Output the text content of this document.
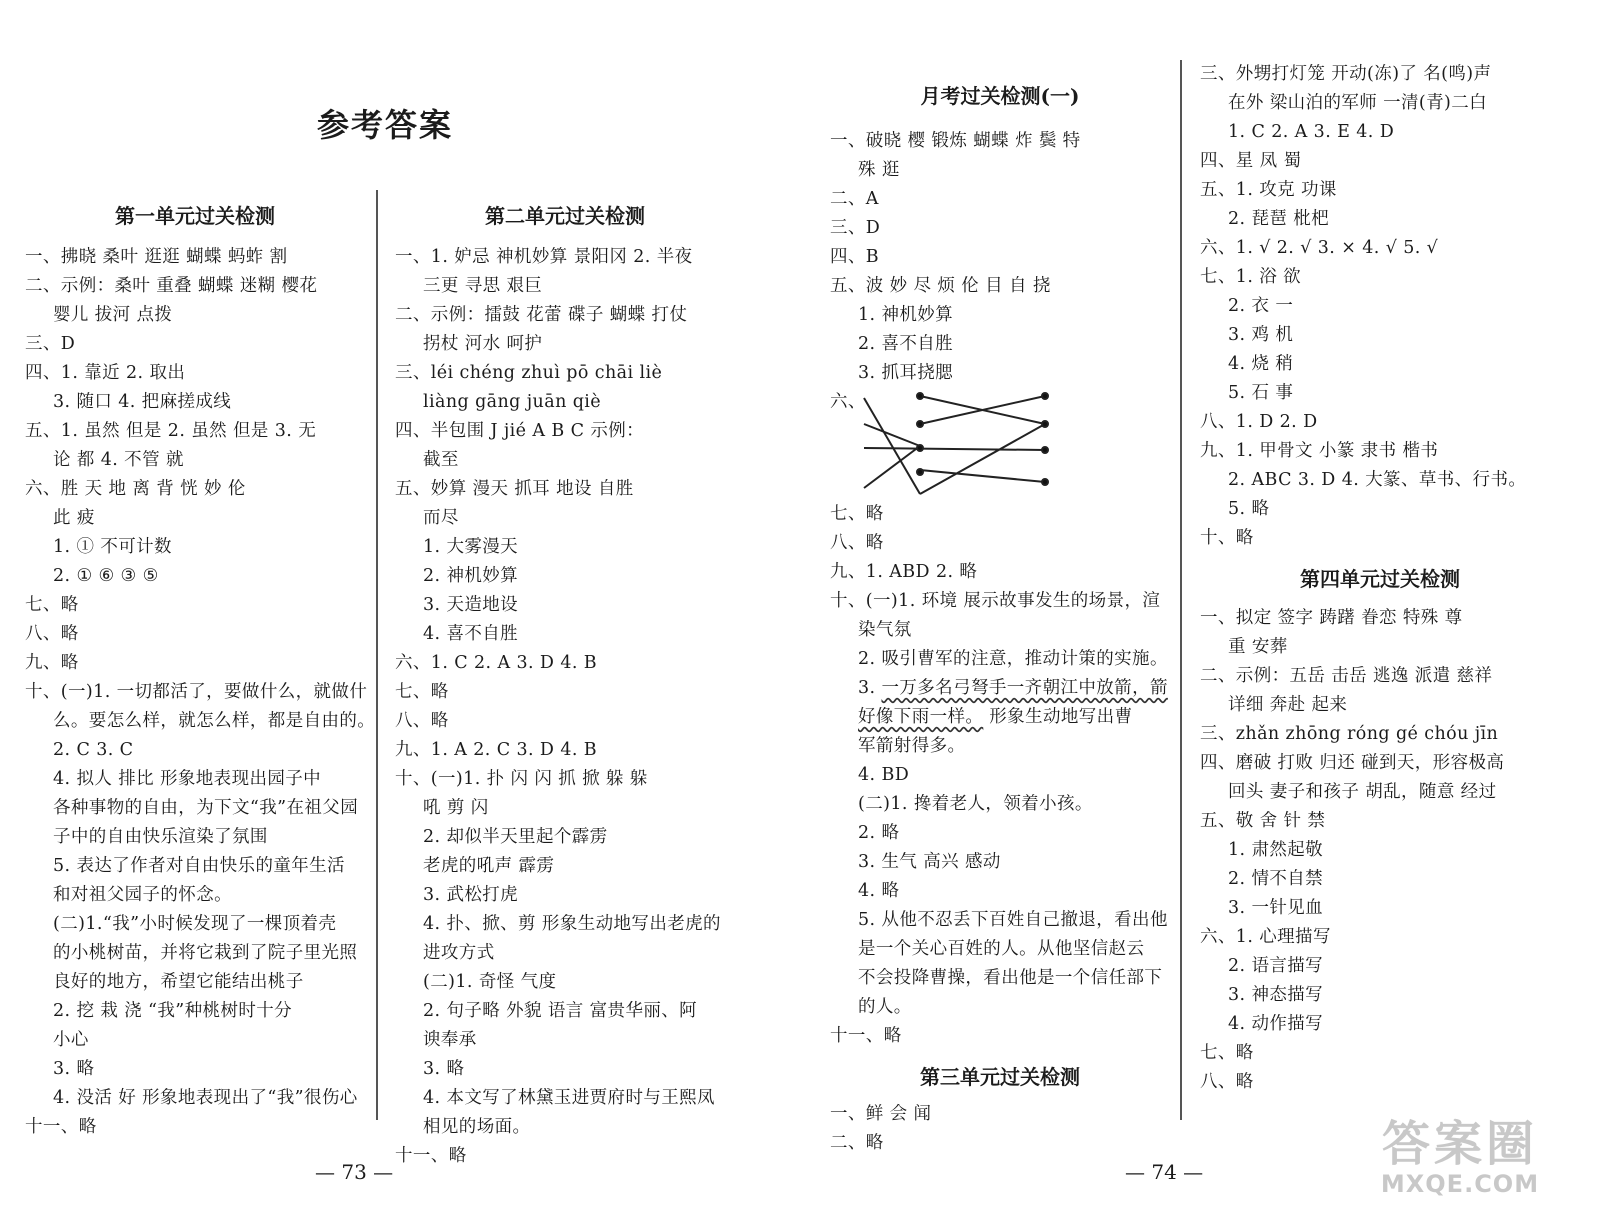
参考答案
第一单元过关检测
一、拂晓 桑叶 逛逛 蝴蝶 蚂蚱 割
二、示例：桑叶 重叠 蝴蝶 迷糊 樱花
婴儿 拔河 点拨
三、D
四、1. 靠近 2. 取出
3. 随口 4. 把麻搓成线
五、1. 虽然 但是 2. 虽然 但是 3. 无
论 都 4. 不管 就
六、胜 天 地 离 背 恍 妙 伦
此 疲
1. ① 不可计数
2. ① ⑥ ③ ⑤
七、略
八、略
九、略
十、(一)1. 一切都活了，要做什么，就做什
么。要怎么样，就怎么样，都是自由的。
2. C 3. C
4. 拟人 排比 形象地表现出园子中
各种事物的自由，为下文“我”在祖父园
子中的自由快乐渲染了氛围
5. 表达了作者对自由快乐的童年生活
和对祖父园子的怀念。
(二)1.“我”小时候发现了一棵顶着壳
的小桃树苗，并将它栽到了院子里光照
良好的地方，希望它能结出桃子
2. 挖 栽 浇 “我”种桃树时十分
小心
3. 略
4. 没活 好 形象地表现出了“我”很伤心
十一、略
第二单元过关检测
一、1. 妒忌 神机妙算 景阳冈 2. 半夜
三更 寻思 艰巨
二、示例：擂鼓 花蕾 碟子 蝴蝶 打仗
拐杖 河水 呵护
三、léi chéng zhuì pō chāi liè
liàng gāng juān qiè
四、半包围 J jié A B C 示例：
截至
五、妙算 漫天 抓耳 地设 自胜
而尽
1. 大雾漫天
2. 神机妙算
3. 天造地设
4. 喜不自胜
六、1. C 2. A 3. D 4. B
七、略
八、略
九、1. A 2. C 3. D 4. B
十、(一)1. 扑 闪 闪 抓 掀 躲 躲
吼 剪 闪
2. 却似半天里起个霹雳
老虎的吼声 霹雳
3. 武松打虎
4. 扑、掀、剪 形象生动地写出老虎的
进攻方式
(二)1. 奇怪 气度
2. 句子略 外貌 语言 富贵华丽、阿
谀奉承
3. 略
4. 本文写了林黛玉进贾府时与王熙凤
相见的场面。
十一、略
月考过关检测(一)
一、破晓 樱 锻炼 蝴蝶 炸 鬓 特
殊 逛
二、A
三、D
四、B
五、波 妙 尽 烦 伦 目 自 挠
1. 神机妙算
2. 喜不自胜
3. 抓耳挠腮
六、
七、略
八、略
九、1. ABD 2. 略
十、(一)1. 环境 展示故事发生的场景，渲
染气氛
2. 吸引曹军的注意，推动计策的实施。
3. 一万多名弓弩手一齐朝江中放箭，箭
好像下雨一样。 形象生动地写出曹
军箭射得多。
4. BD
(二)1. 搀着老人，领着小孩。
2. 略
3. 生气 高兴 感动
4. 略
5. 从他不忍丢下百姓自己撤退，看出他
是一个关心百姓的人。从他坚信赵云
不会投降曹操，看出他是一个信任部下
的人。
十一、略
第三单元过关检测
一、鲜 会 闻
二、略
三、外甥打灯笼 开动(冻)了 名(鸣)声
在外 梁山泊的军师 一清(青)二白
1. C 2. A 3. E 4. D
四、星 凤 蜀
五、1. 攻克 功课
2. 琵琶 枇杷
六、1. √ 2. √ 3. × 4. √ 5. √
七、1. 浴 欲
2. 衣 一
3. 鸡 机
4. 烧 稍
5. 石 事
八、1. D 2. D
九、1. 甲骨文 小篆 隶书 楷书
2. ABC 3. D 4. 大篆、草书、行书。
5. 略
十、略
第四单元过关检测
一、拟定 签字 踌躇 眷恋 特殊 尊
重 安葬
二、示例：五岳 击岳 逃逸 派遣 慈祥
详细 奔赴 起来
三、zhǎn zhōng róng gé chóu jīn
四、磨破 打败 归还 碰到天，形容极高
回头 妻子和孩子 胡乱，随意 经过
五、敬 舍 针 禁
1. 肃然起敬
2. 情不自禁
3. 一针见血
六、1. 心理描写
2. 语言描写
3. 神态描写
4. 动作描写
七、略
八、略
— 73 —	— 74 —	答案圈
MXQE.COM
